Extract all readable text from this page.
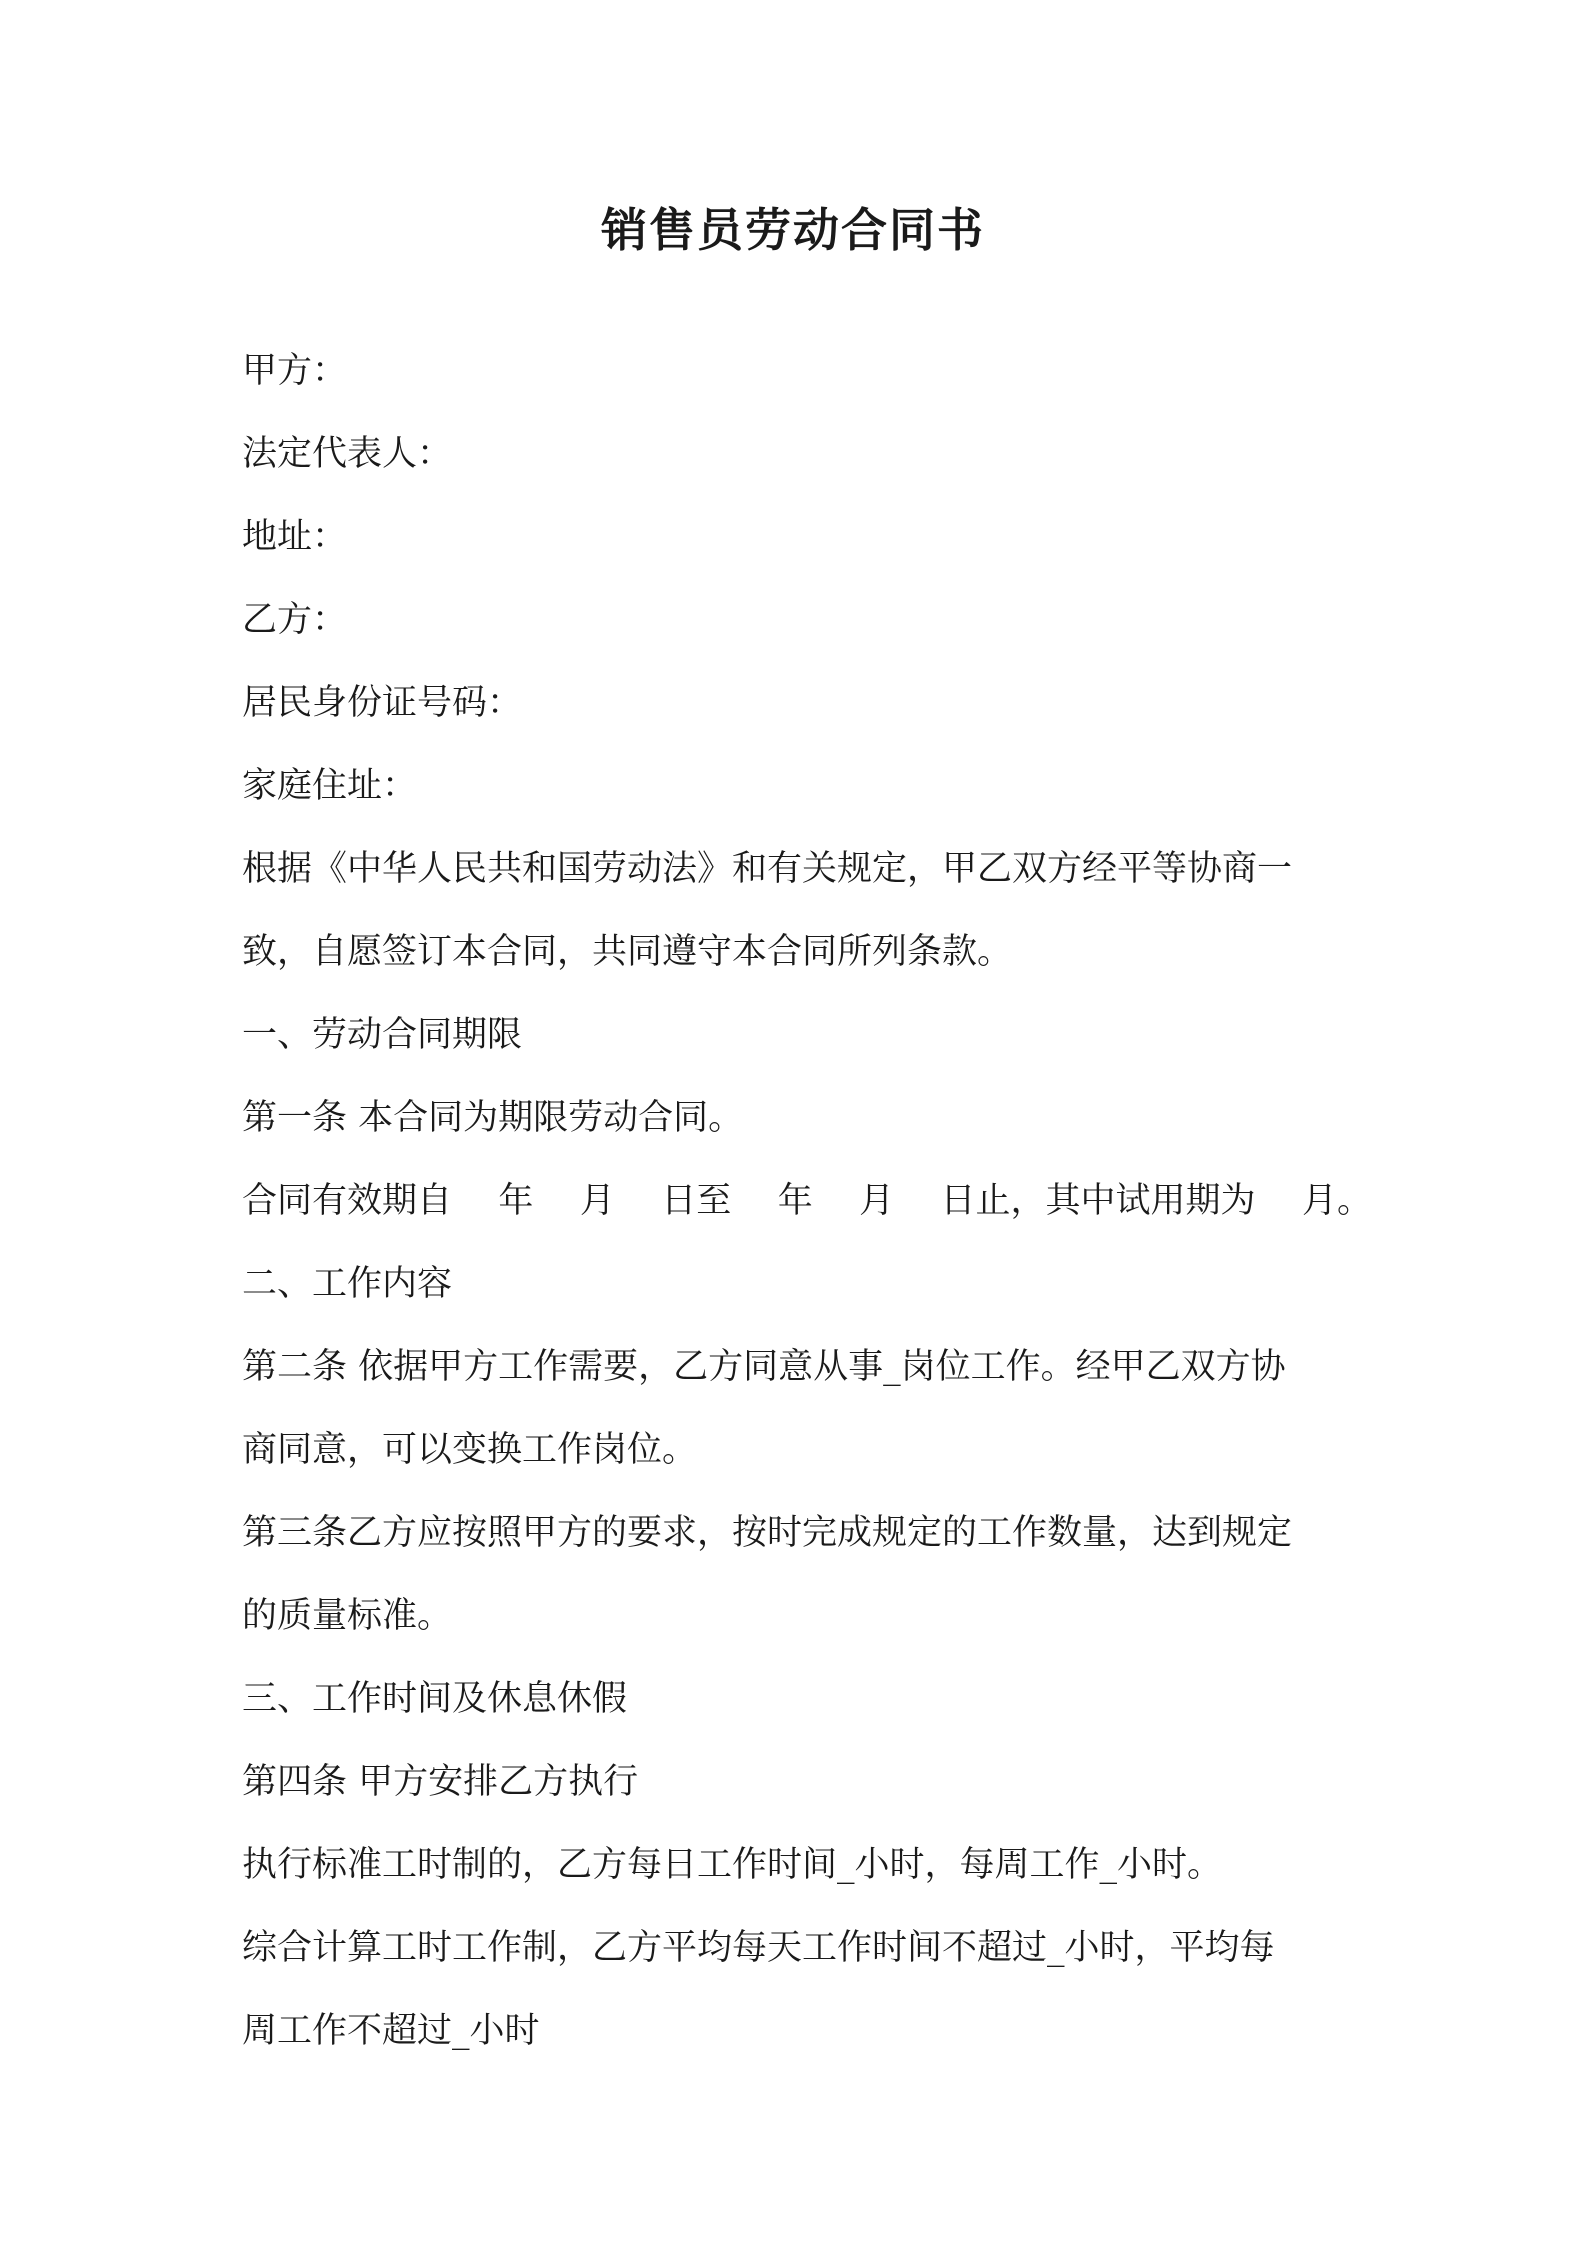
销售员劳动合同书
甲方：
法定代表人：
地址：
乙方：
居民身份证号码：
家庭住址：
根据《中华人民共和国劳动法》和有关规定，甲乙双方经平等协商一
致，自愿签订本合同，共同遵守本合同所列条款。
一、劳动合同期限
第一条 本合同为期限劳动合同。
合同有效期自 年 月 日至 年 月 日止，其中试用期为 月。
二、工作内容
第二条 依据甲方工作需要，乙方同意从事_岗位工作。经甲乙双方协
商同意，可以变换工作岗位。
第三条乙方应按照甲方的要求，按时完成规定的工作数量，达到规定
的质量标准。
三、工作时间及休息休假
第四条 甲方安排乙方执行
执行标准工时制的，乙方每日工作时间_小时，每周工作_小时。
综合计算工时工作制，乙方平均每天工作时间不超过_小时，平均每
周工作不超过_小时
